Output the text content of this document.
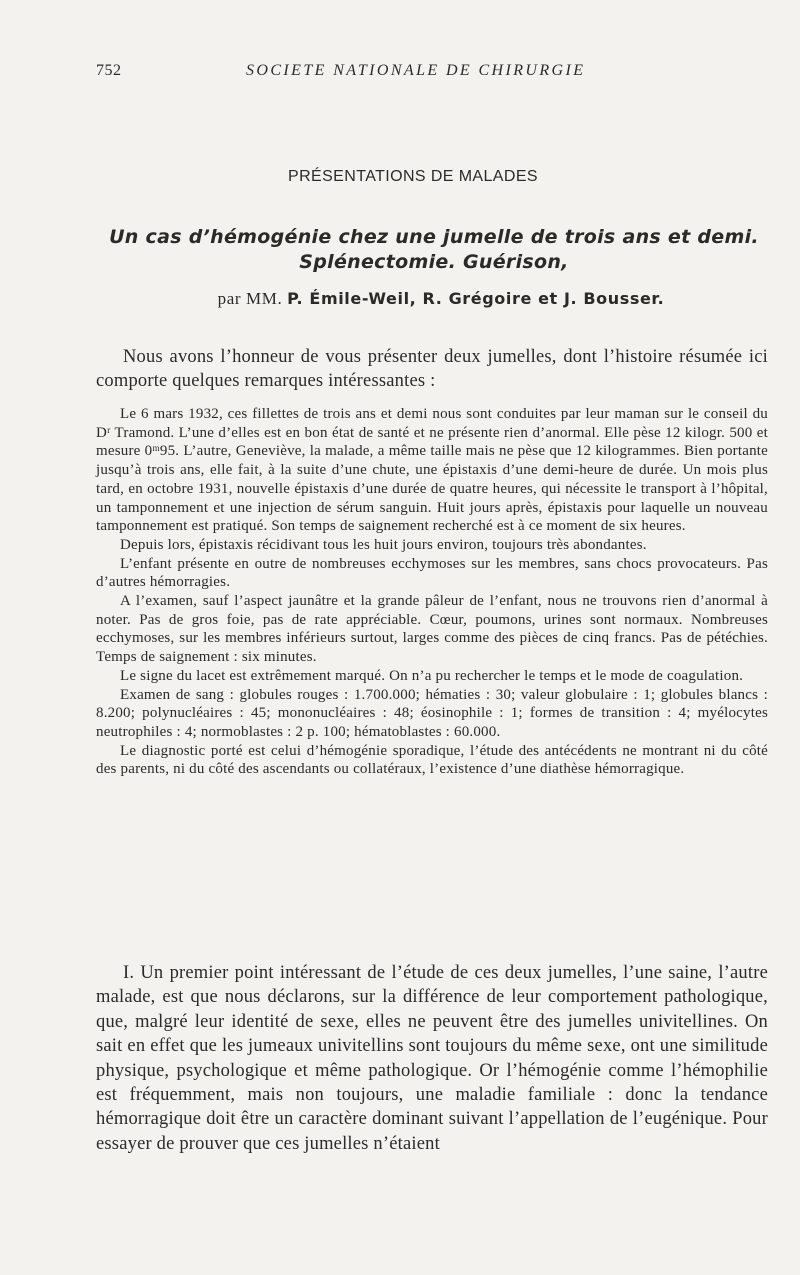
752	SOCIETE NATIONALE DE CHIRURGIE
PRÉSENTATIONS DE MALADES
Un cas d’hémogénie chez une jumelle de trois ans et demi.
Splénectomie. Guérison,
par MM. P. Émile-Weil, R. Grégoire et J. Bousser.

Nous avons l’honneur de vous présenter deux jumelles, dont l’histoire résumée ici comporte quelques remarques intéressantes :

Le 6 mars 1932, ces fillettes de trois ans et demi nous sont conduites par leur maman sur le conseil du Dʳ Tramond. L’une d’elles est en bon état de santé et ne présente rien d’anormal. Elle pèse 12 kilogr. 500 et mesure 0ᵐ95. L’autre, Geneviève, la malade, a même taille mais ne pèse que 12 kilogrammes. Bien portante jusqu’à trois ans, elle fait, à la suite d’une chute, une épistaxis d’une demi-heure de durée. Un mois plus tard, en octobre 1931, nouvelle épistaxis d’une durée de quatre heures, qui nécessite le transport à l’hôpital, un tamponnement et une injection de sérum sanguin. Huit jours après, épistaxis pour laquelle un nouveau tamponnement est pratiqué. Son temps de saignement recherché est à ce moment de six heures.

Depuis lors, épistaxis récidivant tous les huit jours environ, toujours très abondantes.

L’enfant présente en outre de nombreuses ecchymoses sur les membres, sans chocs provocateurs. Pas d’autres hémorragies.

A l’examen, sauf l’aspect jaunâtre et la grande pâleur de l’enfant, nous ne trouvons rien d’anormal à noter. Pas de gros foie, pas de rate appréciable. Cœur, poumons, urines sont normaux. Nombreuses ecchymoses, sur les membres inférieurs surtout, larges comme des pièces de cinq francs. Pas de pétéchies. Temps de saignement : six minutes.

Le signe du lacet est extrêmement marqué. On n’a pu rechercher le temps et le mode de coagulation.

Examen de sang : globules rouges : 1.700.000; hématies : 30; valeur globulaire : 1; globules blancs : 8.200; polynucléaires : 45; mononucléaires : 48; éosinophile : 1; formes de transition : 4; myélocytes neutrophiles : 4; normoblastes : 2 p. 100; hématoblastes : 60.000.

Le diagnostic porté est celui d’hémogénie sporadique, l’étude des antécédents ne montrant ni du côté des parents, ni du côté des ascendants ou collatéraux, l’existence d’une diathèse hémorragique.

I. Un premier point intéressant de l’étude de ces deux jumelles, l’une saine, l’autre malade, est que nous déclarons, sur la différence de leur comportement pathologique, que, malgré leur identité de sexe, elles ne peuvent être des jumelles univitellines. On sait en effet que les jumeaux univitellins sont toujours du même sexe, ont une similitude physique, psychologique et même pathologique. Or l’hémogénie comme l’hémophilie est fréquemment, mais non toujours, une maladie familiale : donc la tendance hémorragique doit être un caractère dominant suivant l’appellation de l’eugénique. Pour essayer de prouver que ces jumelles n’étaient
